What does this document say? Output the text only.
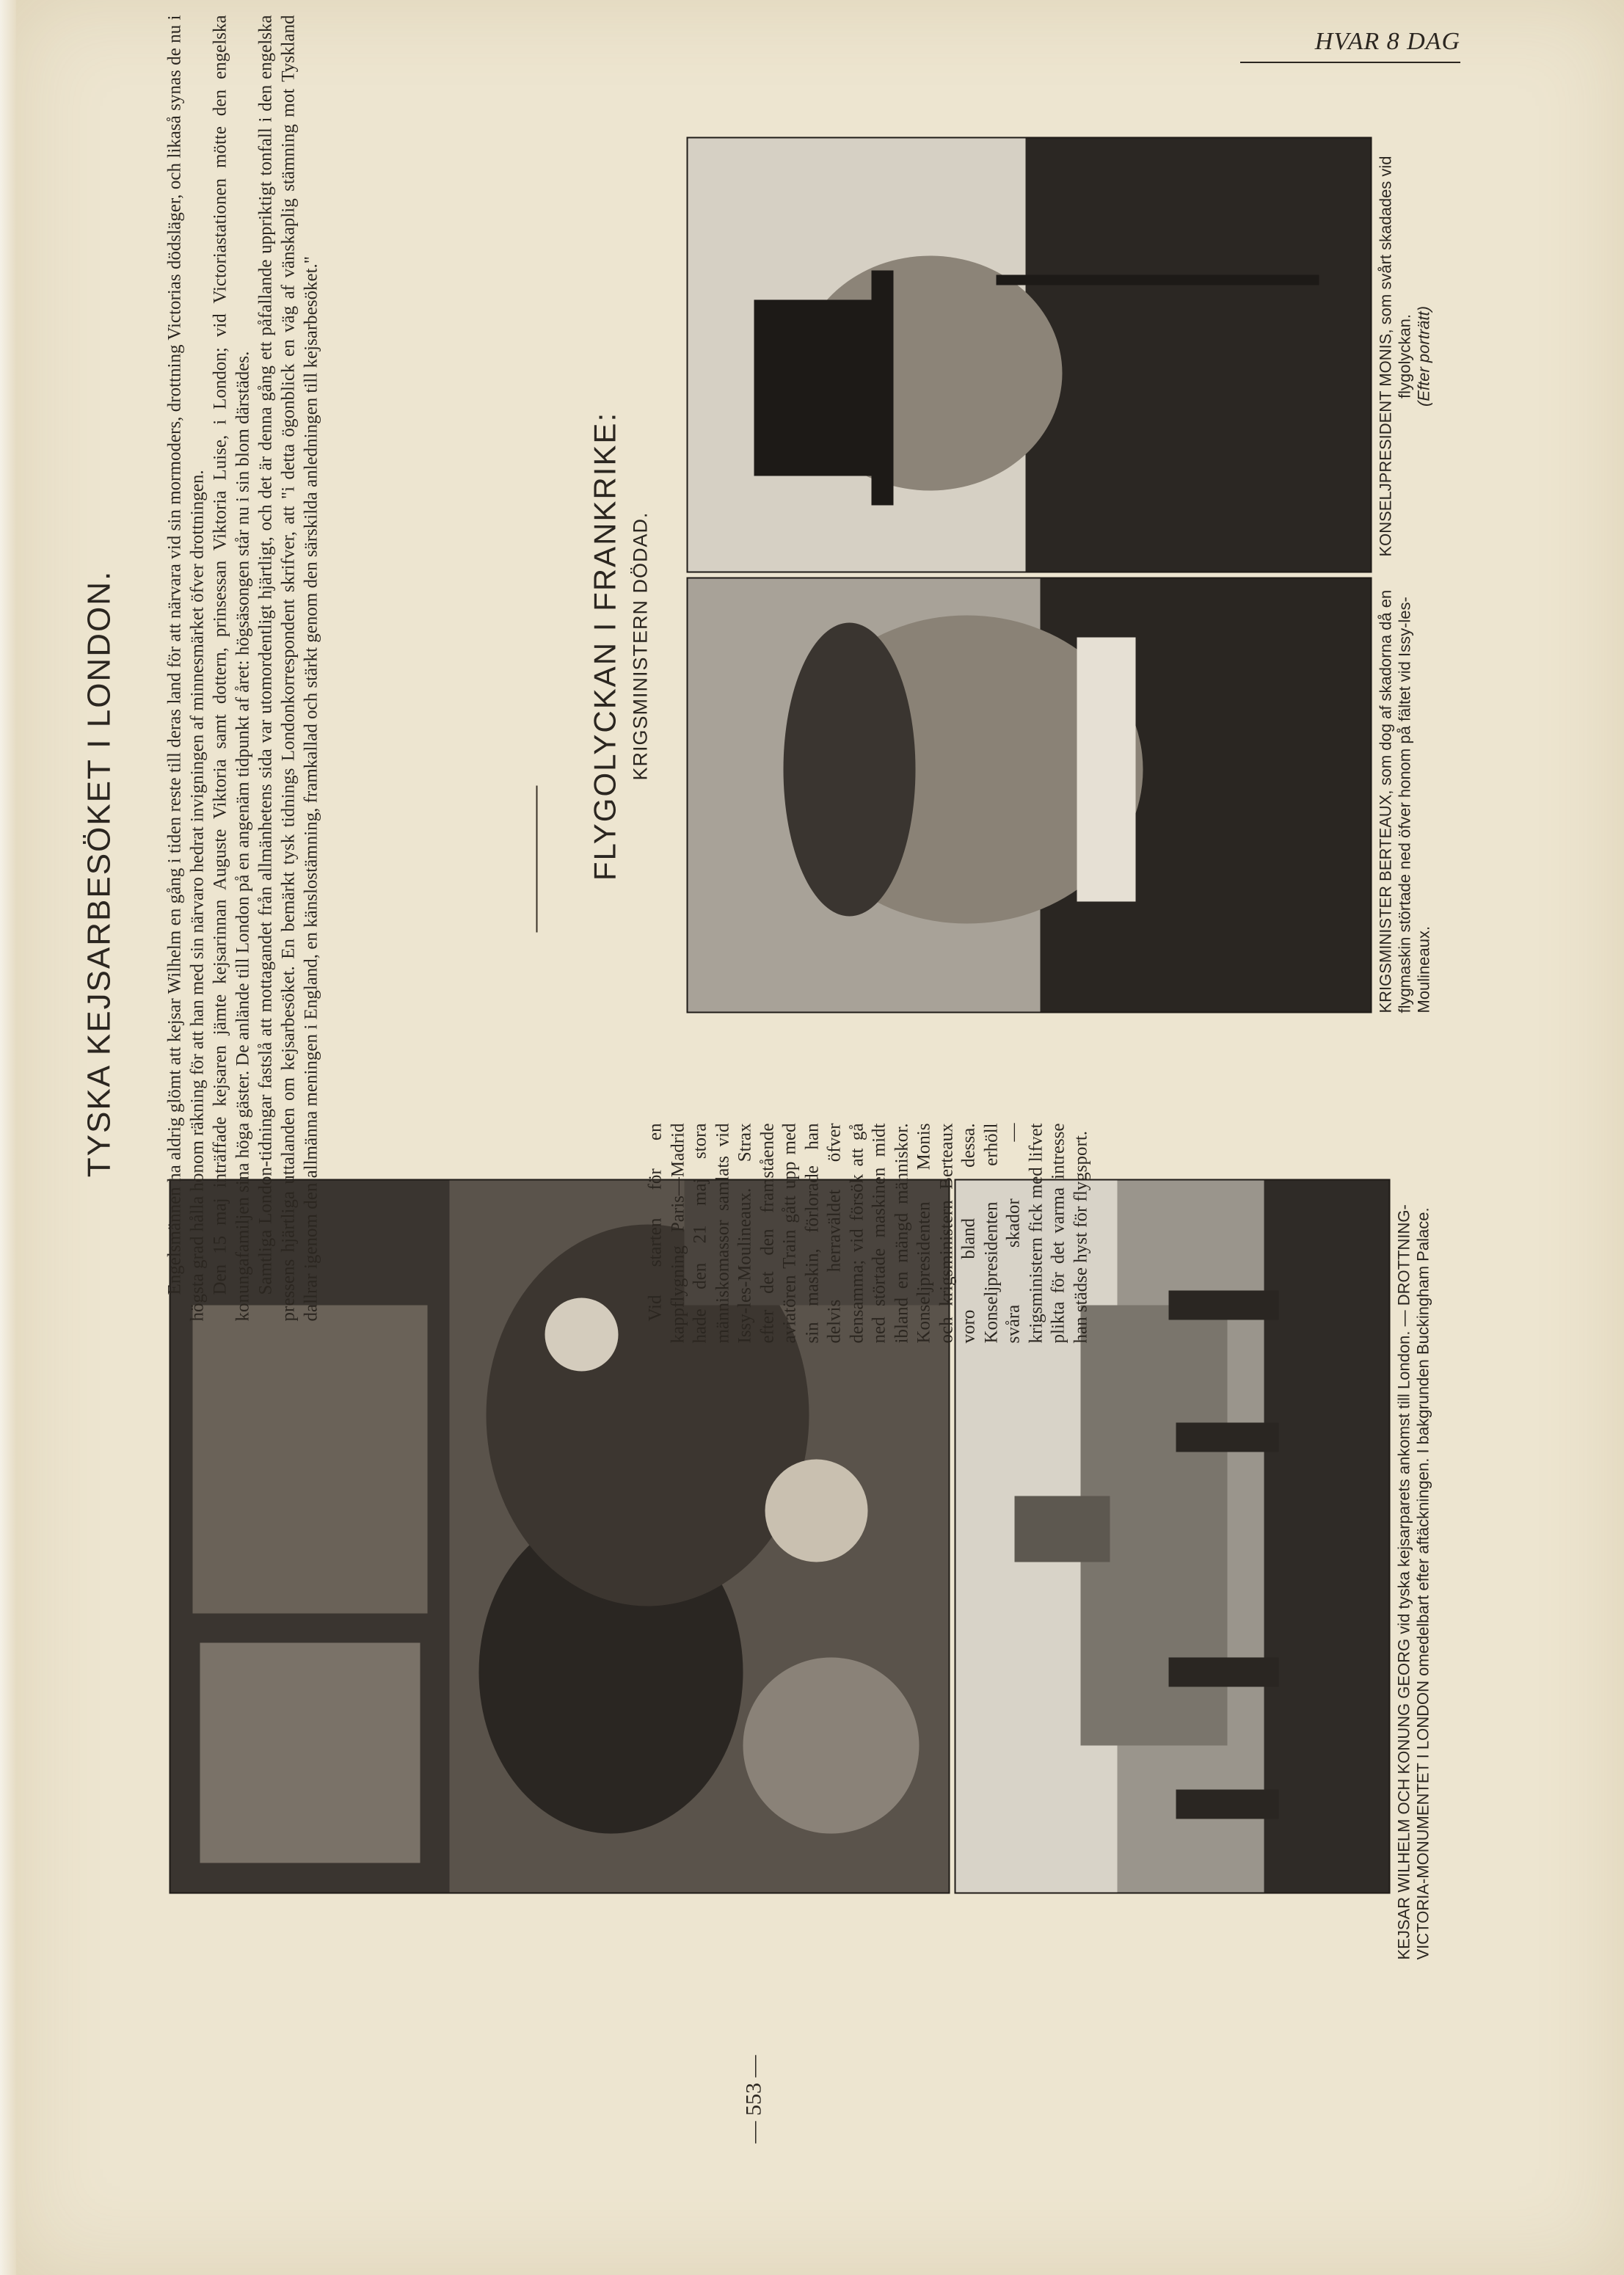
HVAR 8 DAG
KEJSAR WILHELM OCH KONUNG GEORG vid tyska kejsarparets ankomst till London. — DROTTNING-VICTORIA-MONUMENTET I LONDON omedelbart efter aftäckningen. I bakgrunden Buckingham Palace.
— 553 —
TYSKA KEJSARBESÖKET I LONDON.	Engelsmännen ha aldrig glömt att kejsar Wilhelm en gång i tiden reste till deras land för att närvara vid sin mormoders, drottning Victorias dödsläger, och likaså synas de nu i högsta grad hålla honom räkning för att han med sin närvaro hedrat invigningen af minnesmärket öfver drottningen. Den 15 maj inträffade kejsaren jämte kejsarinnan Auguste Viktoria samt dottern, prinsessan Viktoria Luise, i London; vid Victoriastationen mötte den engelska konungafamiljen sina höga gäster. De anlände till London på en angenäm tidpunkt af året: högsäsongen står nu i sin blom därstädes. Samtliga London-tidningar fastslå att mottagandet från allmänhetens sida var utomordentligt hjärtligt, och det är denna gång ett påfallande uppriktigt tonfall i den engelska pressens hjärtliga uttalanden om kejsarbesöket. En bemärkt tysk tidnings Londonkorrespondent skrifver, att "i detta ögonblick en väg af vänskaplig stämning mot Tyskland dallrar igenom den allmänna meningen i England, en känslostämning, framkallad och stärkt genom den särskilda anledningen till kejsarbesöket."	FLYGOLYCKAN I FRANKRIKE: KRIGSMINISTERN DÖDAD.	KRIGSMINISTER BERTEAUX, som dog af skadorna då en flygmaskin störtade ned öfver honom på fältet vid Issy-les-Moulineaux.
KONSELJPRESIDENT MONIS, som svårt skadades vid flygolyckan.
(Efter porträtt)

Vid starten för en kappflygning Paris—Madrid hade den 21 maj stora människomassor samlats vid Issy-les-Moulineaux. Strax efter det den framstående aviatören Train gått upp med sin maskin, förlorade han delvis herraväldet öfver densamma; vid försök att gå ned störtade maskinen midt ibland en mängd människor. Konseljpresidenten Monis och krigsministern Berteaux voro bland dessa. Konseljpresidenten erhöll svåra skador — krigsministern fick med lifvet plikta för det varma intresse han städse hyst för flygsport.
